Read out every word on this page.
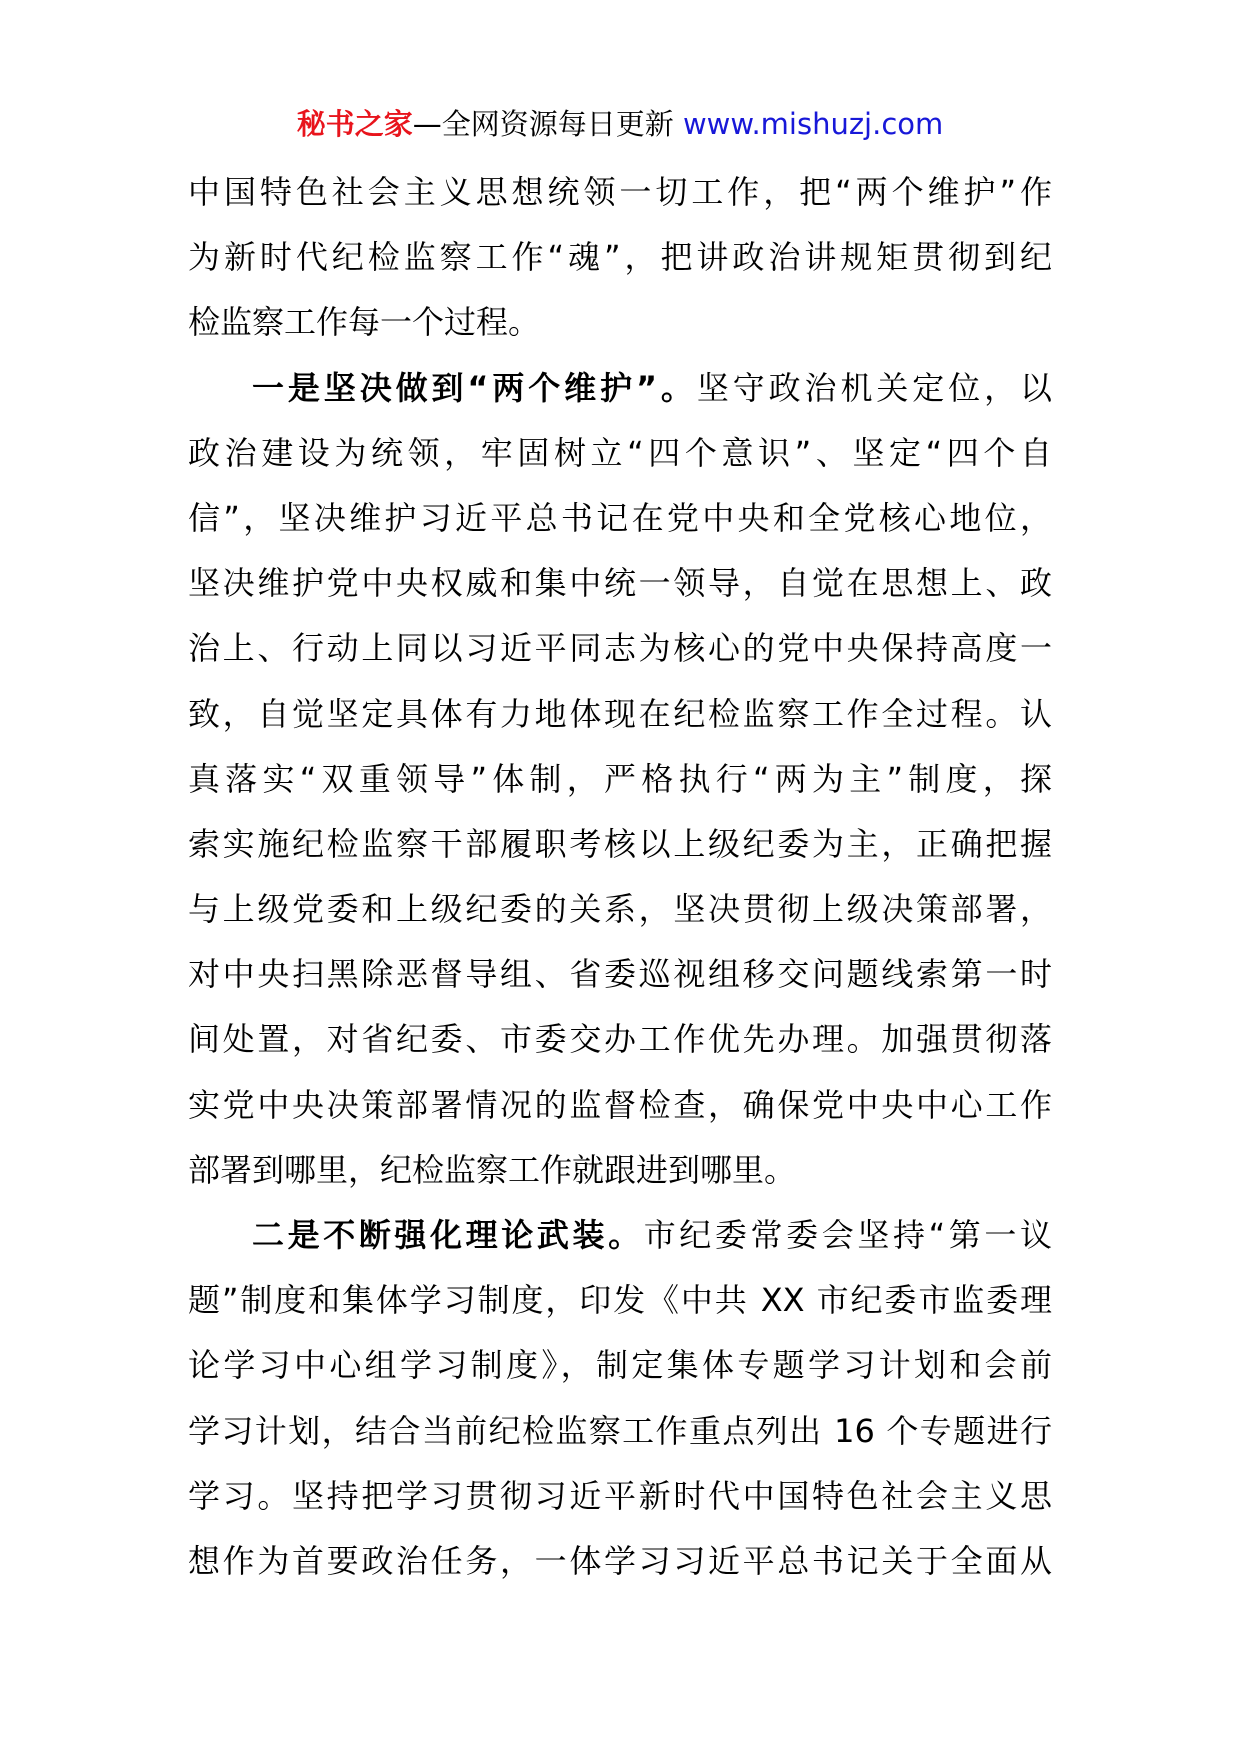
秘书之家—全网资源每日更新 www.mishuzj.com
中国特色社会主义思想统领一切工作，把“两个维护”作
为新时代纪检监察工作“魂”，把讲政治讲规矩贯彻到纪
检监察工作每一个过程。
一是坚决做到“两个维护”。坚守政治机关定位，以
政治建设为统领，牢固树立“四个意识”、坚定“四个自
信”，坚决维护习近平总书记在党中央和全党核心地位，
坚决维护党中央权威和集中统一领导，自觉在思想上、政
治上、行动上同以习近平同志为核心的党中央保持高度一
致，自觉坚定具体有力地体现在纪检监察工作全过程。认
真落实“双重领导”体制，严格执行“两为主”制度，探
索实施纪检监察干部履职考核以上级纪委为主，正确把握
与上级党委和上级纪委的关系，坚决贯彻上级决策部署，
对中央扫黑除恶督导组、省委巡视组移交问题线索第一时
间处置，对省纪委、市委交办工作优先办理。加强贯彻落
实党中央决策部署情况的监督检查，确保党中央中心工作
部署到哪里，纪检监察工作就跟进到哪里。
二是不断强化理论武装。市纪委常委会坚持“第一议
题”制度和集体学习制度，印发《中共 XX 市纪委市监委理
论学习中心组学习制度》，制定集体专题学习计划和会前
学习计划，结合当前纪检监察工作重点列出 16 个专题进行
学习。坚持把学习贯彻习近平新时代中国特色社会主义思
想作为首要政治任务，一体学习习近平总书记关于全面从
